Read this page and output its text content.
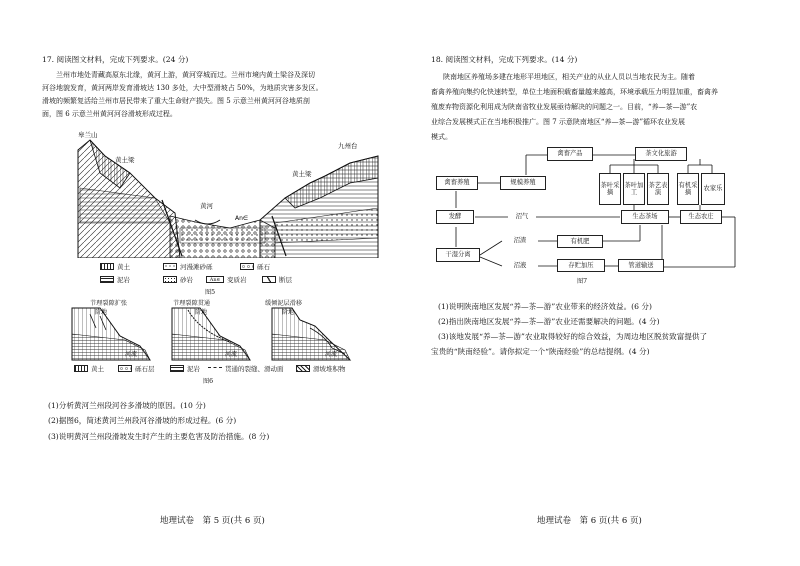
17. 阅读图文材料，完成下列要求。(24 分)
兰州市地处青藏高原东北缘，黄河上游，黄河穿城而过。兰州市境内黄土梁谷及深切
河谷地貌发育，黄河两岸发育滑坡达 130 多处，大中型滑坡占 50%，为地质灾害多发区。
滑坡的频繁复活给兰州市居民带来了重大生命财产损失。图 5 示意兰州黄河河谷地质剖
面，图 6 示意兰州黄河河谷滑坡形成过程。
皋兰山
黄土梁
九州台
黄土梁
黄河
An∈
黄土	河漫滩砂砾	砾石
泥岩	砂岩	An∈	变质岩	断层
图5
节理裂隙扩张	节理裂隙贯通	缓倾泥层滑移
阶地
河流
阶地
河流
阶地
河流
黄土	砾石层	泥岩	贯通的裂缝、滑动面	滑坡堆积物
图6
(1)分析黄河兰州段河谷多滑坡的原因。(10 分)
(2)据图6，简述黄河兰州段河谷滑坡的形成过程。(6 分)
(3)说明黄河兰州段滑坡发生时产生的主要危害及防治措施。(8 分)
地理试卷　第 5 页(共 6 页)
18. 阅读图文材料，完成下列要求。(14 分)
陕南地区养殖场多建在地形平坦地区，相关产业的从业人员以当地农民为主。随着
畜禽养殖向集约化快速转型，单位土地面积载畜量越来越高，环境承载压力明显加重，畜禽养
殖废弃物资源化利用成为陕南省牧业发展亟待解决的问题之一。目前，“养—茶—游”农
业综合发展模式正在当地积极推广。图 7 示意陕南地区“养—茶—游”循环农业发展
模式。
禽畜产品	茶文化旅游
禽畜养殖	规模养殖	茶叶采摘
茶叶加工
茶艺表演
有机采摘
农家乐
发酵	沼气	生态茶场	生态农庄
干湿分离
沼渣	有机肥
沼液	存贮加压	管道输送
图7
(1)说明陕南地区发展“养—茶—游”农业带来的经济效益。(6 分)
(2)指出陕南地区发展“养—茶—游”农业还需要解决的问题。(4 分)
(3)该地发展“养—茶—游”农业取得较好的综合效益，为周边地区脱贫致富提供了
宝贵的“陕南经验”。请你拟定一个“陕南经验”的总结提纲。(4 分)
地理试卷　第 6 页(共 6 页)
